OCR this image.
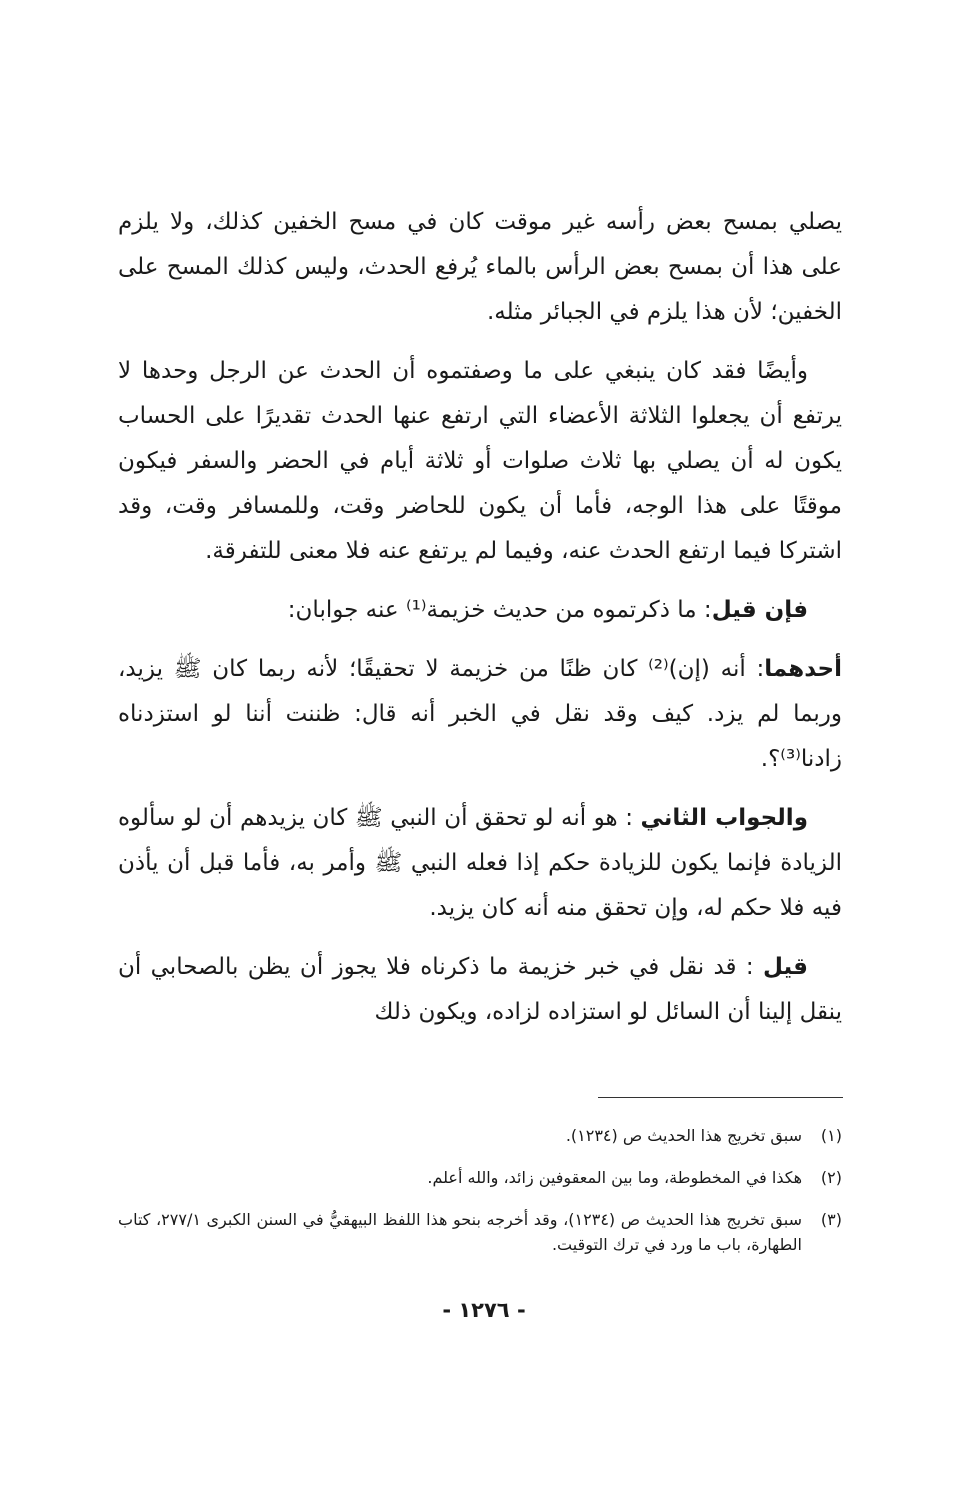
يصلي بمسح بعض رأسه غير موقت كان في مسح الخفين كذلك، ولا يلزم على هذا أن بمسح بعض الرأس بالماء يُرفع الحدث، وليس كذلك المسح على الخفين؛ لأن هذا يلزم في الجبائر مثله.

وأيضًا فقد كان ينبغي على ما وصفتموه أن الحدث عن الرجل وحدها لا يرتفع أن يجعلوا الثلاثة الأعضاء التي ارتفع عنها الحدث تقديرًا على الحساب يكون له أن يصلي بها ثلاث صلوات أو ثلاثة أيام في الحضر والسفر فيكون موقتًا على هذا الوجه، فأما أن يكون للحاضر وقت، وللمسافر وقت، وقد اشتركا فيما ارتفع الحدث عنه، وفيما لم يرتفع عنه فلا معنى للتفرقة.

فإن قيل: ما ذكرتموه من حديث خزيمة⁽¹⁾ عنه جوابان:

أحدهما: أنه (إن)⁽²⁾ كان ظنًا من خزيمة لا تحقيقًا؛ لأنه ربما كان ﷺ يزيد، وربما لم يزد. كيف وقد نقل في الخبر أنه قال: ظننت أننا لو استزدناه زادنا⁽³⁾؟.

والجواب الثاني : هو أنه لو تحقق أن النبي ﷺ كان يزيدهم أن لو سألوه الزيادة فإنما يكون للزيادة حكم إذا فعله النبي ﷺ وأمر به، فأما قبل أن يأذن فيه فلا حكم له، وإن تحقق منه أنه كان يزيد.

قيل : قد نقل في خبر خزيمة ما ذكرناه فلا يجوز أن يظن بالصحابي أن ينقل إلينا أن السائل لو استزاده لزاده، ويكون ذلك

(١)
سبق تخريج هذا الحديث ص (١٢٣٤).
(٢)
هكذا في المخطوطة، وما بين المعقوفين زائد، والله أعلم.
(٣)
سبق تخريج هذا الحديث ص (١٢٣٤)، وقد أخرجه بنحو هذا اللفظ البيهقيُّ في السنن الكبرى ٢٧٧/١، كتاب الطهارة، باب ما ورد في ترك التوقيت.
- ١٢٧٦ -
